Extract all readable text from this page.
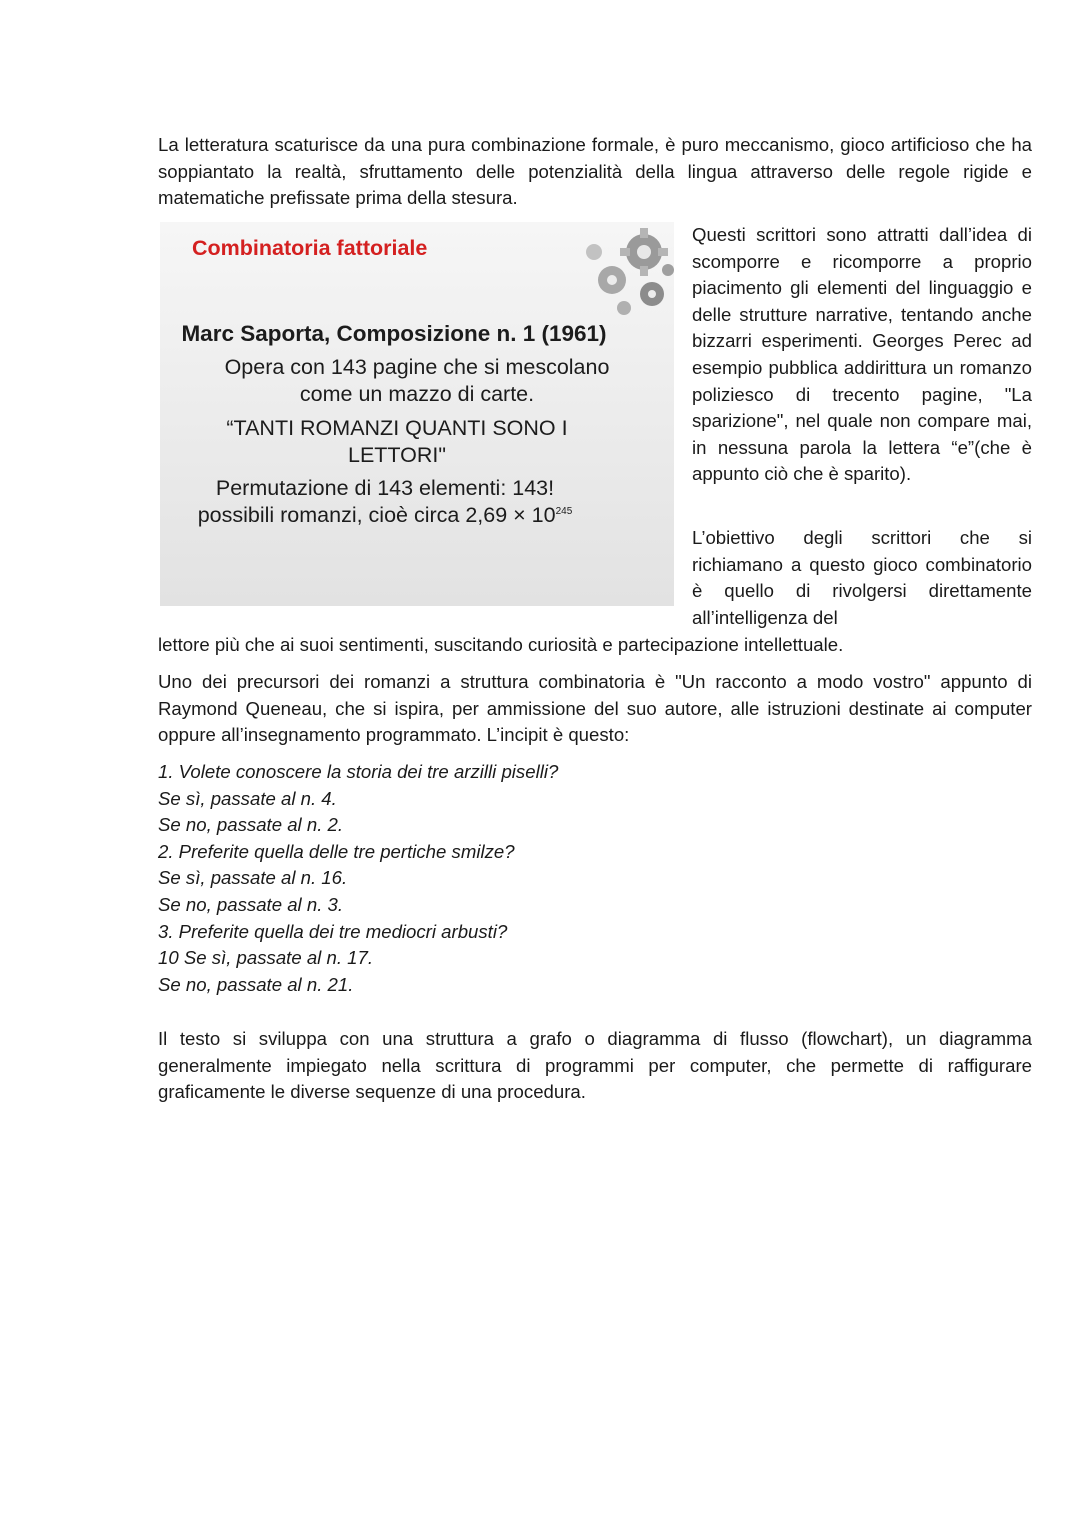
La letteratura scaturisce da una pura combinazione formale, è puro meccanismo, gioco artificioso che ha soppiantato la realtà, sfruttamento delle potenzialità della lingua attraverso delle regole rigide e matematiche prefissate prima della stesura.

Combinatoria fattoriale
Marc Saporta, Composizione n. 1 (1961)
Opera con 143 pagine che si mescolano
come un mazzo di carte.
“TANTI ROMANZI QUANTI SONO I
LETTORI"
Permutazione di 143 elementi: 143!
possibili romanzi, cioè circa $2,69 \times 10^{245}$

Questi scrittori sono attratti dall’idea di scomporre e ricomporre a proprio piacimento gli elementi del linguaggio e delle strutture narrative, tentando anche bizzarri esperimenti. Georges Perec ad esempio pubblica addirittura un romanzo poliziesco di trecento pagine, "La sparizione", nel quale non compare mai, in nessuna parola la lettera “e”(che è appunto ciò che è sparito).

L’obiettivo degli scrittori che si richiamano a questo gioco combinatorio è quello di rivolgersi direttamente all’intelligenza del

lettore più che ai suoi sentimenti, suscitando curiosità e partecipazione intellettuale.

Uno dei precursori dei romanzi a struttura combinatoria è "Un racconto a modo vostro" appunto di Raymond Queneau, che si ispira, per ammissione del suo autore, alle istruzioni destinate ai computer oppure all’insegnamento programmato. L’incipit è questo:

1. Volete conoscere la storia dei tre arzilli piselli?
Se sì, passate al n. 4.
Se no, passate al n. 2.
2. Preferite quella delle tre pertiche smilze?
Se sì, passate al n. 16.
Se no, passate al n. 3.
3. Preferite quella dei tre mediocri arbusti?
10 Se sì, passate al n. 17.
Se no, passate al n. 21.

Il testo si sviluppa con una struttura a grafo o diagramma di flusso (flowchart), un diagramma generalmente impiegato nella scrittura di programmi per computer, che permette di raffigurare graficamente le diverse sequenze di una procedura.
